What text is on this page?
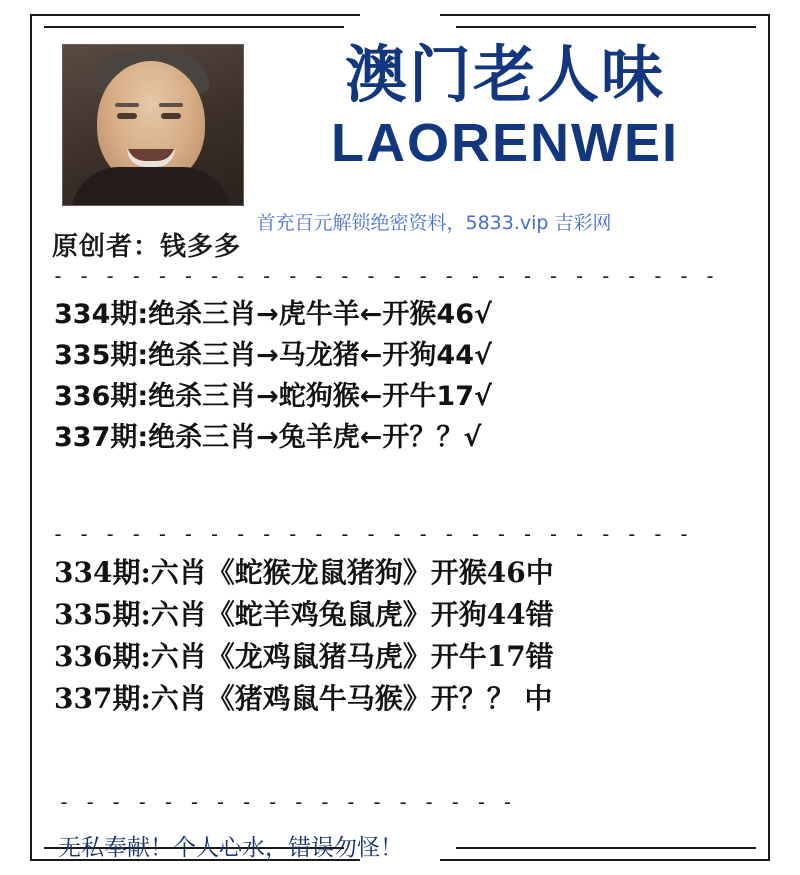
澳门老人味
LAORENWEI
首充百元解锁绝密资料，5833.vip 吉彩网
原创者：钱多多
- - - - - - - - - - - - - - - - - - - - - - - - - -
334期:绝杀三肖→虎牛羊←开猴46√
335期:绝杀三肖→马龙猪←开狗44√
336期:绝杀三肖→蛇狗猴←开牛17√
337期:绝杀三肖→兔羊虎←开？？√
- - - - - - - - - - - - - - - - - - - - - - - - -
334期:六肖《蛇猴龙鼠猪狗》开猴46中
335期:六肖《蛇羊鸡兔鼠虎》开狗44错
336期:六肖《龙鸡鼠猪马虎》开牛17错
337期:六肖《猪鸡鼠牛马猴》开？？ 中
- - - - - - - - - - - - - - - - - -
无私奉献！个人心水，错误勿怪！
